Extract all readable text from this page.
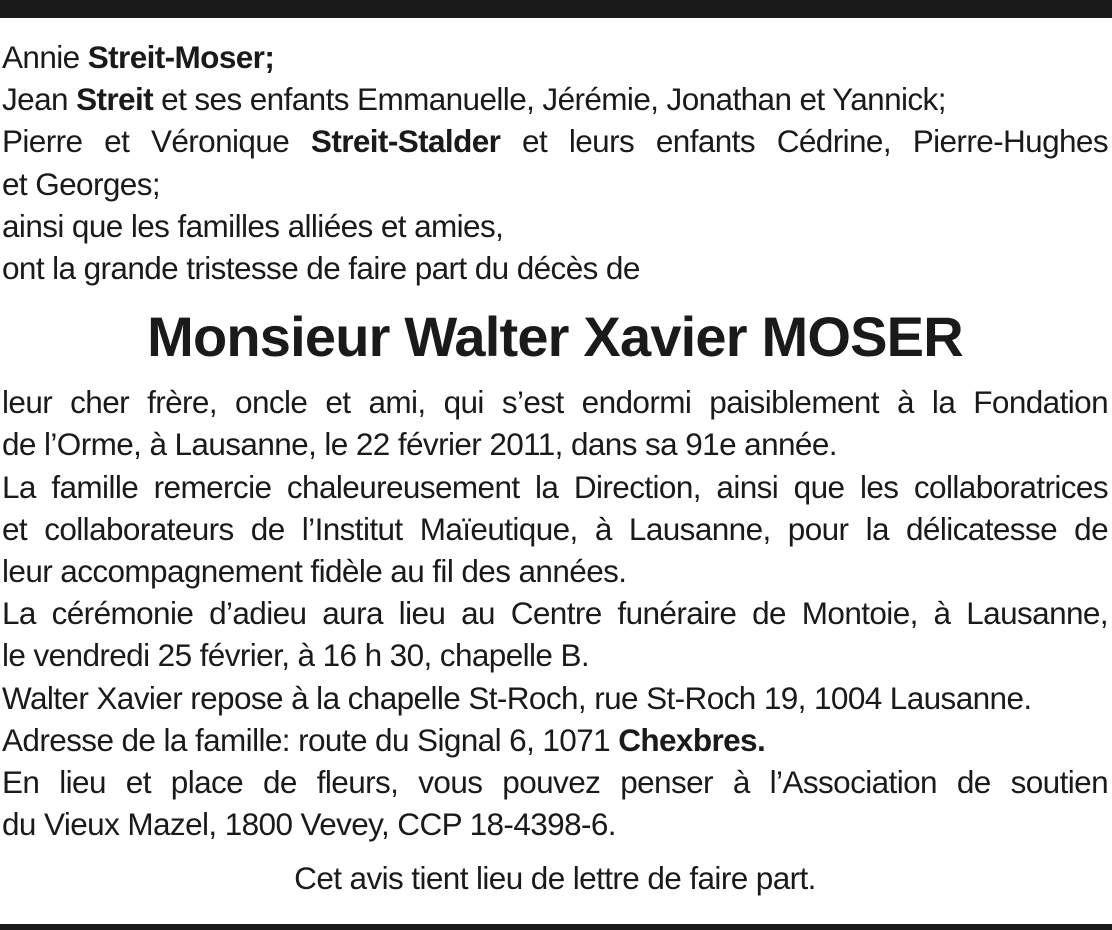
Annie Streit-Moser;
Jean Streit et ses enfants Emmanuelle, Jérémie, Jonathan et Yannick;
Pierre et Véronique Streit-Stalder et leurs enfants Cédrine, Pierre-Hughes
et Georges;
ainsi que les familles alliées et amies,
ont la grande tristesse de faire part du décès de
Monsieur Walter Xavier MOSER
leur cher frère, oncle et ami, qui s’est endormi paisiblement à la Fondation
de l’Orme, à Lausanne, le 22 février 2011, dans sa 91e année.
La famille remercie chaleureusement la Direction, ainsi que les collaboratrices
et collaborateurs de l’Institut Maïeutique, à Lausanne, pour la délicatesse de
leur accompagnement fidèle au fil des années.
La cérémonie d’adieu aura lieu au Centre funéraire de Montoie, à Lausanne,
le vendredi 25 février, à 16 h 30, chapelle B.
Walter Xavier repose à la chapelle St-Roch, rue St-Roch 19, 1004 Lausanne.
Adresse de la famille: route du Signal 6, 1071 Chexbres.
En lieu et place de fleurs, vous pouvez penser à l’Association de soutien
du Vieux Mazel, 1800 Vevey, CCP 18-4398-6.
Cet avis tient lieu de lettre de faire part.
